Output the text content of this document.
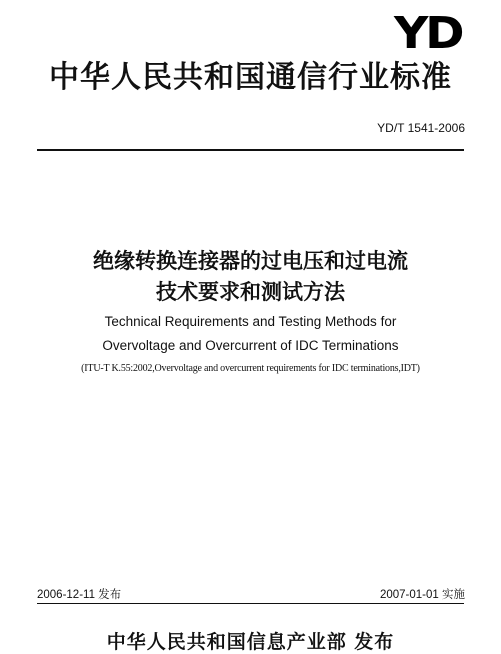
YD
中华人民共和国通信行业标准
YD/T 1541-2006
绝缘转换连接器的过电压和过电流
技术要求和测试方法
Technical Requirements and Testing Methods for
Overvoltage and Overcurrent of IDC Terminations
(ITU-T K.55:2002,Overvoltage and overcurrent requirements for IDC terminations,IDT)
2006-12-11 发布	2007-01-01 实施
中华人民共和国信息产业部 发布
